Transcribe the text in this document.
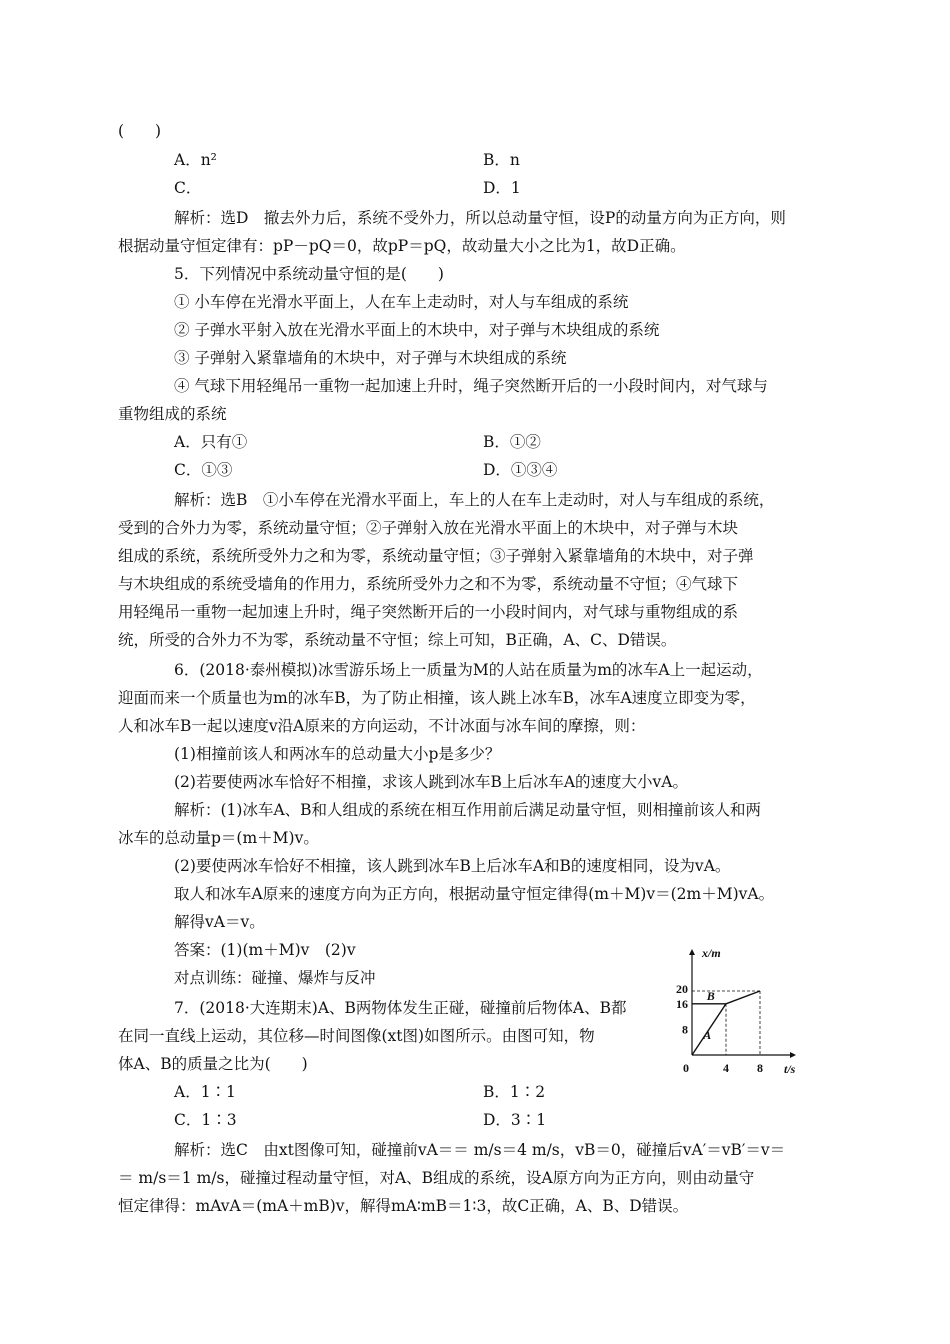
(　　)
A．n²	B．n
C．	D．1
解析：选D　撤去外力后，系统不受外力，所以总动量守恒，设P的动量方向为正方向，则
根据动量守恒定律有：pP－pQ＝0，故pP＝pQ，故动量大小之比为1，故D正确。
5．下列情况中系统动量守恒的是(　　)
① 小车停在光滑水平面上，人在车上走动时，对人与车组成的系统
② 子弹水平射入放在光滑水平面上的木块中，对子弹与木块组成的系统
③ 子弹射入紧靠墙角的木块中，对子弹与木块组成的系统
④ 气球下用轻绳吊一重物一起加速上升时，绳子突然断开后的一小段时间内，对气球与
重物组成的系统
A．只有①	B．①②
C．①③	D．①③④
解析：选B　①小车停在光滑水平面上，车上的人在车上走动时，对人与车组成的系统，
受到的合外力为零，系统动量守恒；②子弹射入放在光滑水平面上的木块中，对子弹与木块
组成的系统，系统所受外力之和为零，系统动量守恒；③子弹射入紧靠墙角的木块中，对子弹
与木块组成的系统受墙角的作用力，系统所受外力之和不为零，系统动量不守恒；④气球下
用轻绳吊一重物一起加速上升时，绳子突然断开后的一小段时间内，对气球与重物组成的系
统，所受的合外力不为零，系统动量不守恒；综上可知，B正确，A、C、D错误。
6．(2018·泰州模拟)冰雪游乐场上一质量为M的人站在质量为m的冰车A上一起运动，
迎面而来一个质量也为m的冰车B，为了防止相撞，该人跳上冰车B，冰车A速度立即变为零，
人和冰车B一起以速度v沿A原来的方向运动，不计冰面与冰车间的摩擦，则：
(1)相撞前该人和两冰车的总动量大小p是多少？
(2)若要使两冰车恰好不相撞，求该人跳到冰车B上后冰车A的速度大小vA。
解析：(1)冰车A、B和人组成的系统在相互作用前后满足动量守恒，则相撞前该人和两
冰车的总动量p＝(m＋M)v。
(2)要使两冰车恰好不相撞，该人跳到冰车B上后冰车A和B的速度相同，设为vA。
取人和冰车A原来的速度方向为正方向，根据动量守恒定律得(m＋M)v＝(2m＋M)vA。
解得vA＝v。
答案：(1)(m＋M)v　(2)v
对点训练：碰撞、爆炸与反冲
7．(2018·大连期末)A、B两物体发生正碰，碰撞前后物体A、B都
在同一直线上运动，其位移—时间图像(xt图)如图所示。由图可知，物
体A、B的质量之比为(　　)
A．1∶1	B．1∶2
C．1∶3	D．3∶1
解析：选C　由xt图像可知，碰撞前vA＝＝ m/s＝4 m/s，vB＝0，碰撞后vA′＝vB′＝v＝
＝ m/s＝1 m/s，碰撞过程动量守恒，对A、B组成的系统，设A原方向为正方向，则由动量守
恒定律得：mAvA＝(mA＋mB)v，解得mA∶mB＝1∶3，故C正确，A、B、D错误。
x/m
t/s
0	4 8
8
16
20
A
B
